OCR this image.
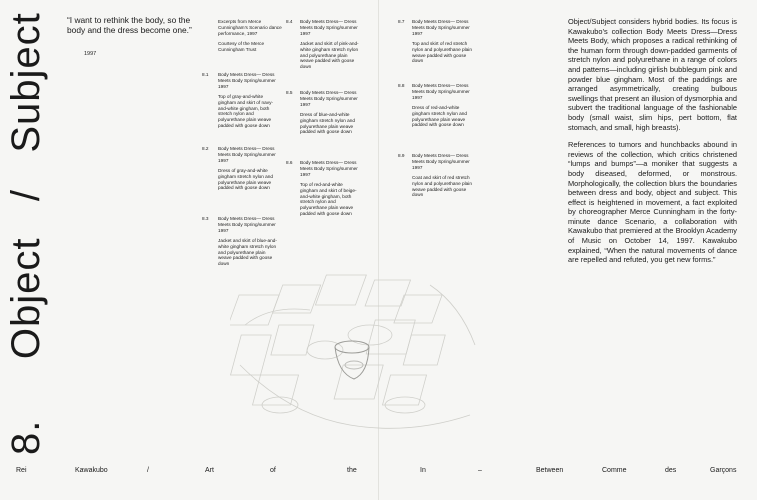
8.     Object   /   Subject “I want to rethink the body, so the body and the dress become one.”
1997

Excerpts from Merce Cunningham’s Scenario dance performance, 1997

Courtesy of the Merce Cunningham Trust

8.1 Body Meets Dress— Dress Meets Body Spring/summer 1997

Top of gray-and-white gingham and skirt of navy-and-white gingham, both stretch nylon and polyurethane plain weave padded with goose down

8.2 Body Meets Dress— Dress Meets Body Spring/summer 1997

Dress of gray-and-white gingham stretch nylon and polyurethane plain weave padded with goose down

8.3 Body Meets Dress— Dress Meets Body Spring/summer 1997

Jacket and skirt of blue-and-white gingham stretch nylon and polyurethane plain weave padded with goose down

8.4 Body Meets Dress— Dress Meets Body Spring/summer 1997

Jacket and skirt of pink-and-white gingham stretch nylon and polyurethane plain weave padded with goose down

8.5 Body Meets Dress— Dress Meets Body Spring/summer 1997

Dress of blue-and-white gingham stretch nylon and polyurethane plain weave padded with goose down

8.6 Body Meets Dress— Dress Meets Body Spring/summer 1997

Top of red-and-white gingham and skirt of beige-and-white gingham, both stretch nylon and polyurethane plain weave padded with goose down

8.7 Body Meets Dress— Dress Meets Body Spring/summer 1997

Top and skirt of red stretch nylon and polyurethane plain weave padded with goose down

8.8 Body Meets Dress— Dress Meets Body Spring/summer 1997

Dress of red-and-white gingham stretch nylon and polyurethane plain weave padded with goose down

8.9 Body Meets Dress— Dress Meets Body Spring/summer 1997

Coat and skirt of red stretch nylon and polyurethane plain weave padded with goose down

Object/Subject considers hybrid bodies. Its focus is Kawakubo’s collection Body Meets Dress—Dress Meets Body, which proposes a radical rethinking of the human form through down-padded garments of stretch nylon and polyurethane in a range of colors and patterns—including girlish bubblegum pink and powder blue gingham. Most of the paddings are arranged asymmetrically, creating bulbous swellings that present an illusion of dysmorphia and subvert the traditional language of the fashionable body (small waist, slim hips, pert bottom, flat stomach, and small, high breasts).

References to tumors and hunchbacks abound in reviews of the collection, which critics christened “lumps and bumps”—a moniker that suggests a body diseased, deformed, or monstrous. Morphologically, the collection blurs the boundaries between dress and body, object and subject. This effect is heightened in movement, a fact exploited by choreographer Merce Cunningham in the forty-minute dance Scenario, a collaboration with Kawakubo that premiered at the Brooklyn Academy of Music on October 14, 1997. Kawakubo explained, “When the natural movements of dance are repelled and refuted, you get new forms.”

Rei	Kawakubo	/	Art	of	the	In	–	Between	Comme	des	Garçons
